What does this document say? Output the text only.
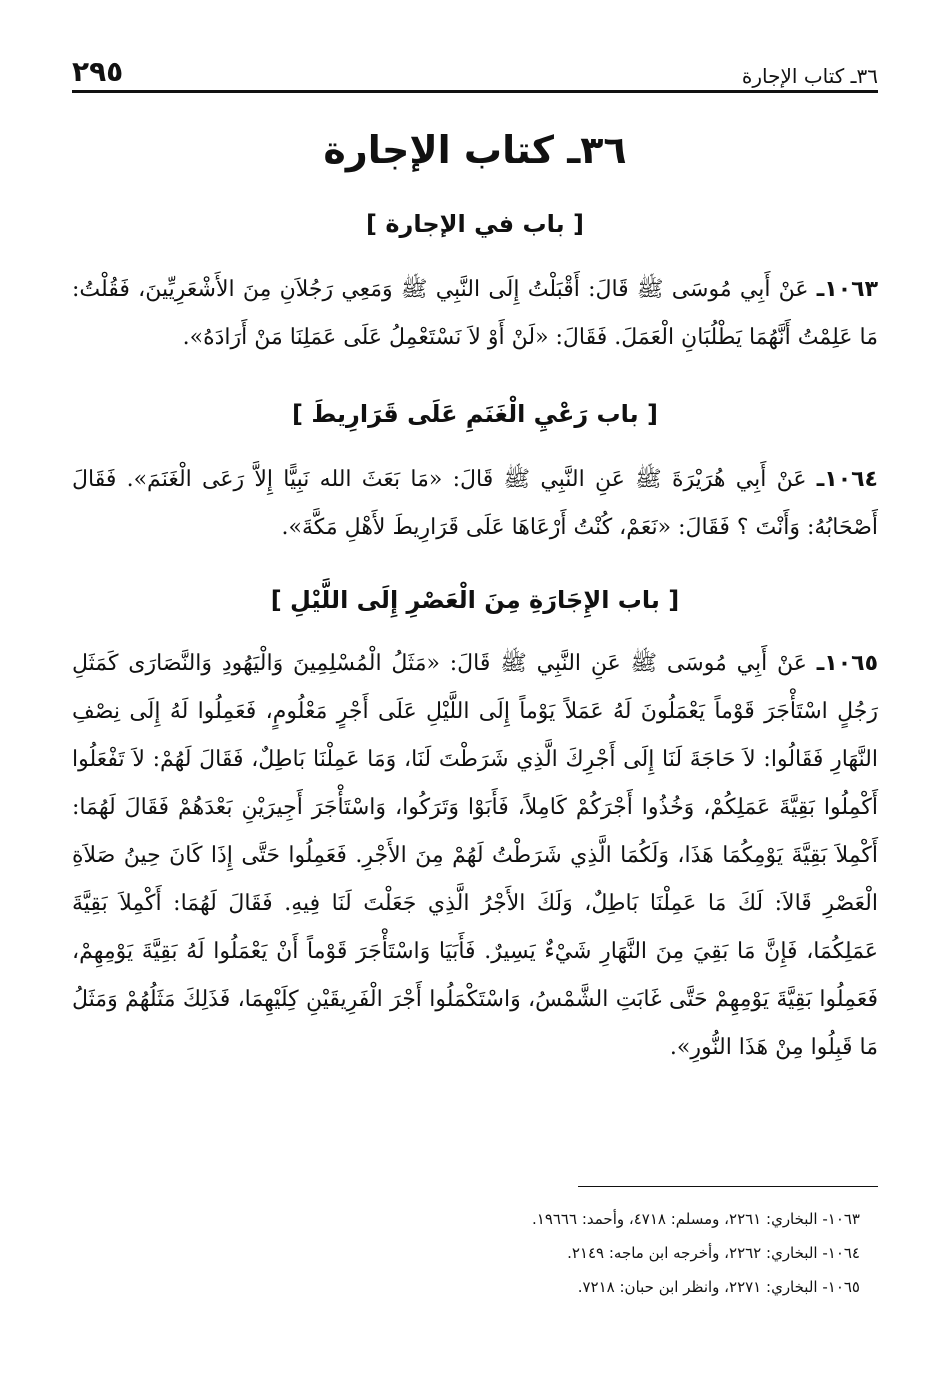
٣٦ـ كتاب الإجارة
٢٩٥
٣٦ـ كتاب الإجارة
[ باب في الإجارة ]

١٠٦٣ـ عَنْ أَبِي مُوسَى ﷺ قَالَ: أَقْبَلْتُ إِلَى النَّبِي ﷺ وَمَعِي رَجُلاَنِ مِنَ الأَشْعَرِيِّينَ، فَقُلْتُ: مَا عَلِمْتُ أَنَّهُمَا يَطْلُبَانِ الْعَمَلَ. فَقَالَ: «لَنْ أَوْ لاَ نَسْتَعْمِلُ عَلَى عَمَلِنَا مَنْ أَرَادَهُ».

[ باب رَعْيِ الْغَنَمِ عَلَى قَرَارِيطَ ]

١٠٦٤ـ عَنْ أَبِي هُرَيْرَةَ ﷺ عَنِ النَّبِي ﷺ قَالَ: «مَا بَعَثَ الله نَبِيًّا إِلاَّ رَعَى الْغَنَمَ». فَقَالَ أَصْحَابُهُ: وَأَنْتَ ؟ فَقَالَ: «نَعَمْ، كُنْتُ أَرْعَاهَا عَلَى قَرَارِيطَ لأَهْلِ مَكَّةَ».

[ باب الإِجَارَةِ مِنَ الْعَصْرِ إِلَى اللَّيْلِ ]

١٠٦٥ـ عَنْ أَبِي مُوسَى ﷺ عَنِ النَّبِي ﷺ قَالَ: «مَثَلُ الْمُسْلِمِينَ وَالْيَهُودِ وَالنَّصَارَى كَمَثَلِ رَجُلٍ اسْتَأْجَرَ قَوْماً يَعْمَلُونَ لَهُ عَمَلاً يَوْماً إِلَى اللَّيْلِ عَلَى أَجْرٍ مَعْلُومٍ، فَعَمِلُوا لَهُ إِلَى نِصْفِ النَّهَارِ فَقَالُوا: لاَ حَاجَةَ لَنَا إِلَى أَجْرِكَ الَّذِي شَرَطْتَ لَنَا، وَمَا عَمِلْنَا بَاطِلٌ، فَقَالَ لَهُمْ: لاَ تَفْعَلُوا أَكْمِلُوا بَقِيَّةَ عَمَلِكُمْ، وَخُذُوا أَجْرَكُمْ كَامِلاً، فَأَبَوْا وَتَرَكُوا، وَاسْتَأْجَرَ أَجِيرَيْنِ بَعْدَهُمْ فَقَالَ لَهُمَا: أَكْمِلاَ بَقِيَّةَ يَوْمِكُمَا هَذَا، وَلَكُمَا الَّذِي شَرَطْتُ لَهُمْ مِنَ الأَجْرِ. فَعَمِلُوا حَتَّى إِذَا كَانَ حِينُ صَلاَةِ الْعَصْرِ قَالاَ: لَكَ مَا عَمِلْنَا بَاطِلٌ، وَلَكَ الأَجْرُ الَّذِي جَعَلْتَ لَنَا فِيهِ. فَقَالَ لَهُمَا: أَكْمِلاَ بَقِيَّةَ عَمَلِكُمَا، فَإِنَّ مَا بَقِيَ مِنَ النَّهَارِ شَيْءٌ يَسِيرٌ. فَأَبَيَا وَاسْتَأْجَرَ قَوْماً أَنْ يَعْمَلُوا لَهُ بَقِيَّةَ يَوْمِهِمْ، فَعَمِلُوا بَقِيَّةَ يَوْمِهِمْ حَتَّى غَابَتِ الشَّمْسُ، وَاسْتَكْمَلُوا أَجْرَ الْفَرِيقَيْنِ كِلَيْهِمَا، فَذَلِكَ مَثَلُهُمْ وَمَثَلُ مَا قَبِلُوا مِنْ هَذَا النُّورِ».

١٠٦٣- البخاري: ٢٢٦١، ومسلم: ٤٧١٨، وأحمد: ١٩٦٦٦.
١٠٦٤- البخاري: ٢٢٦٢، وأخرجه ابن ماجه: ٢١٤٩.
١٠٦٥- البخاري: ٢٢٧١، وانظر ابن حبان: ٧٢١٨.
